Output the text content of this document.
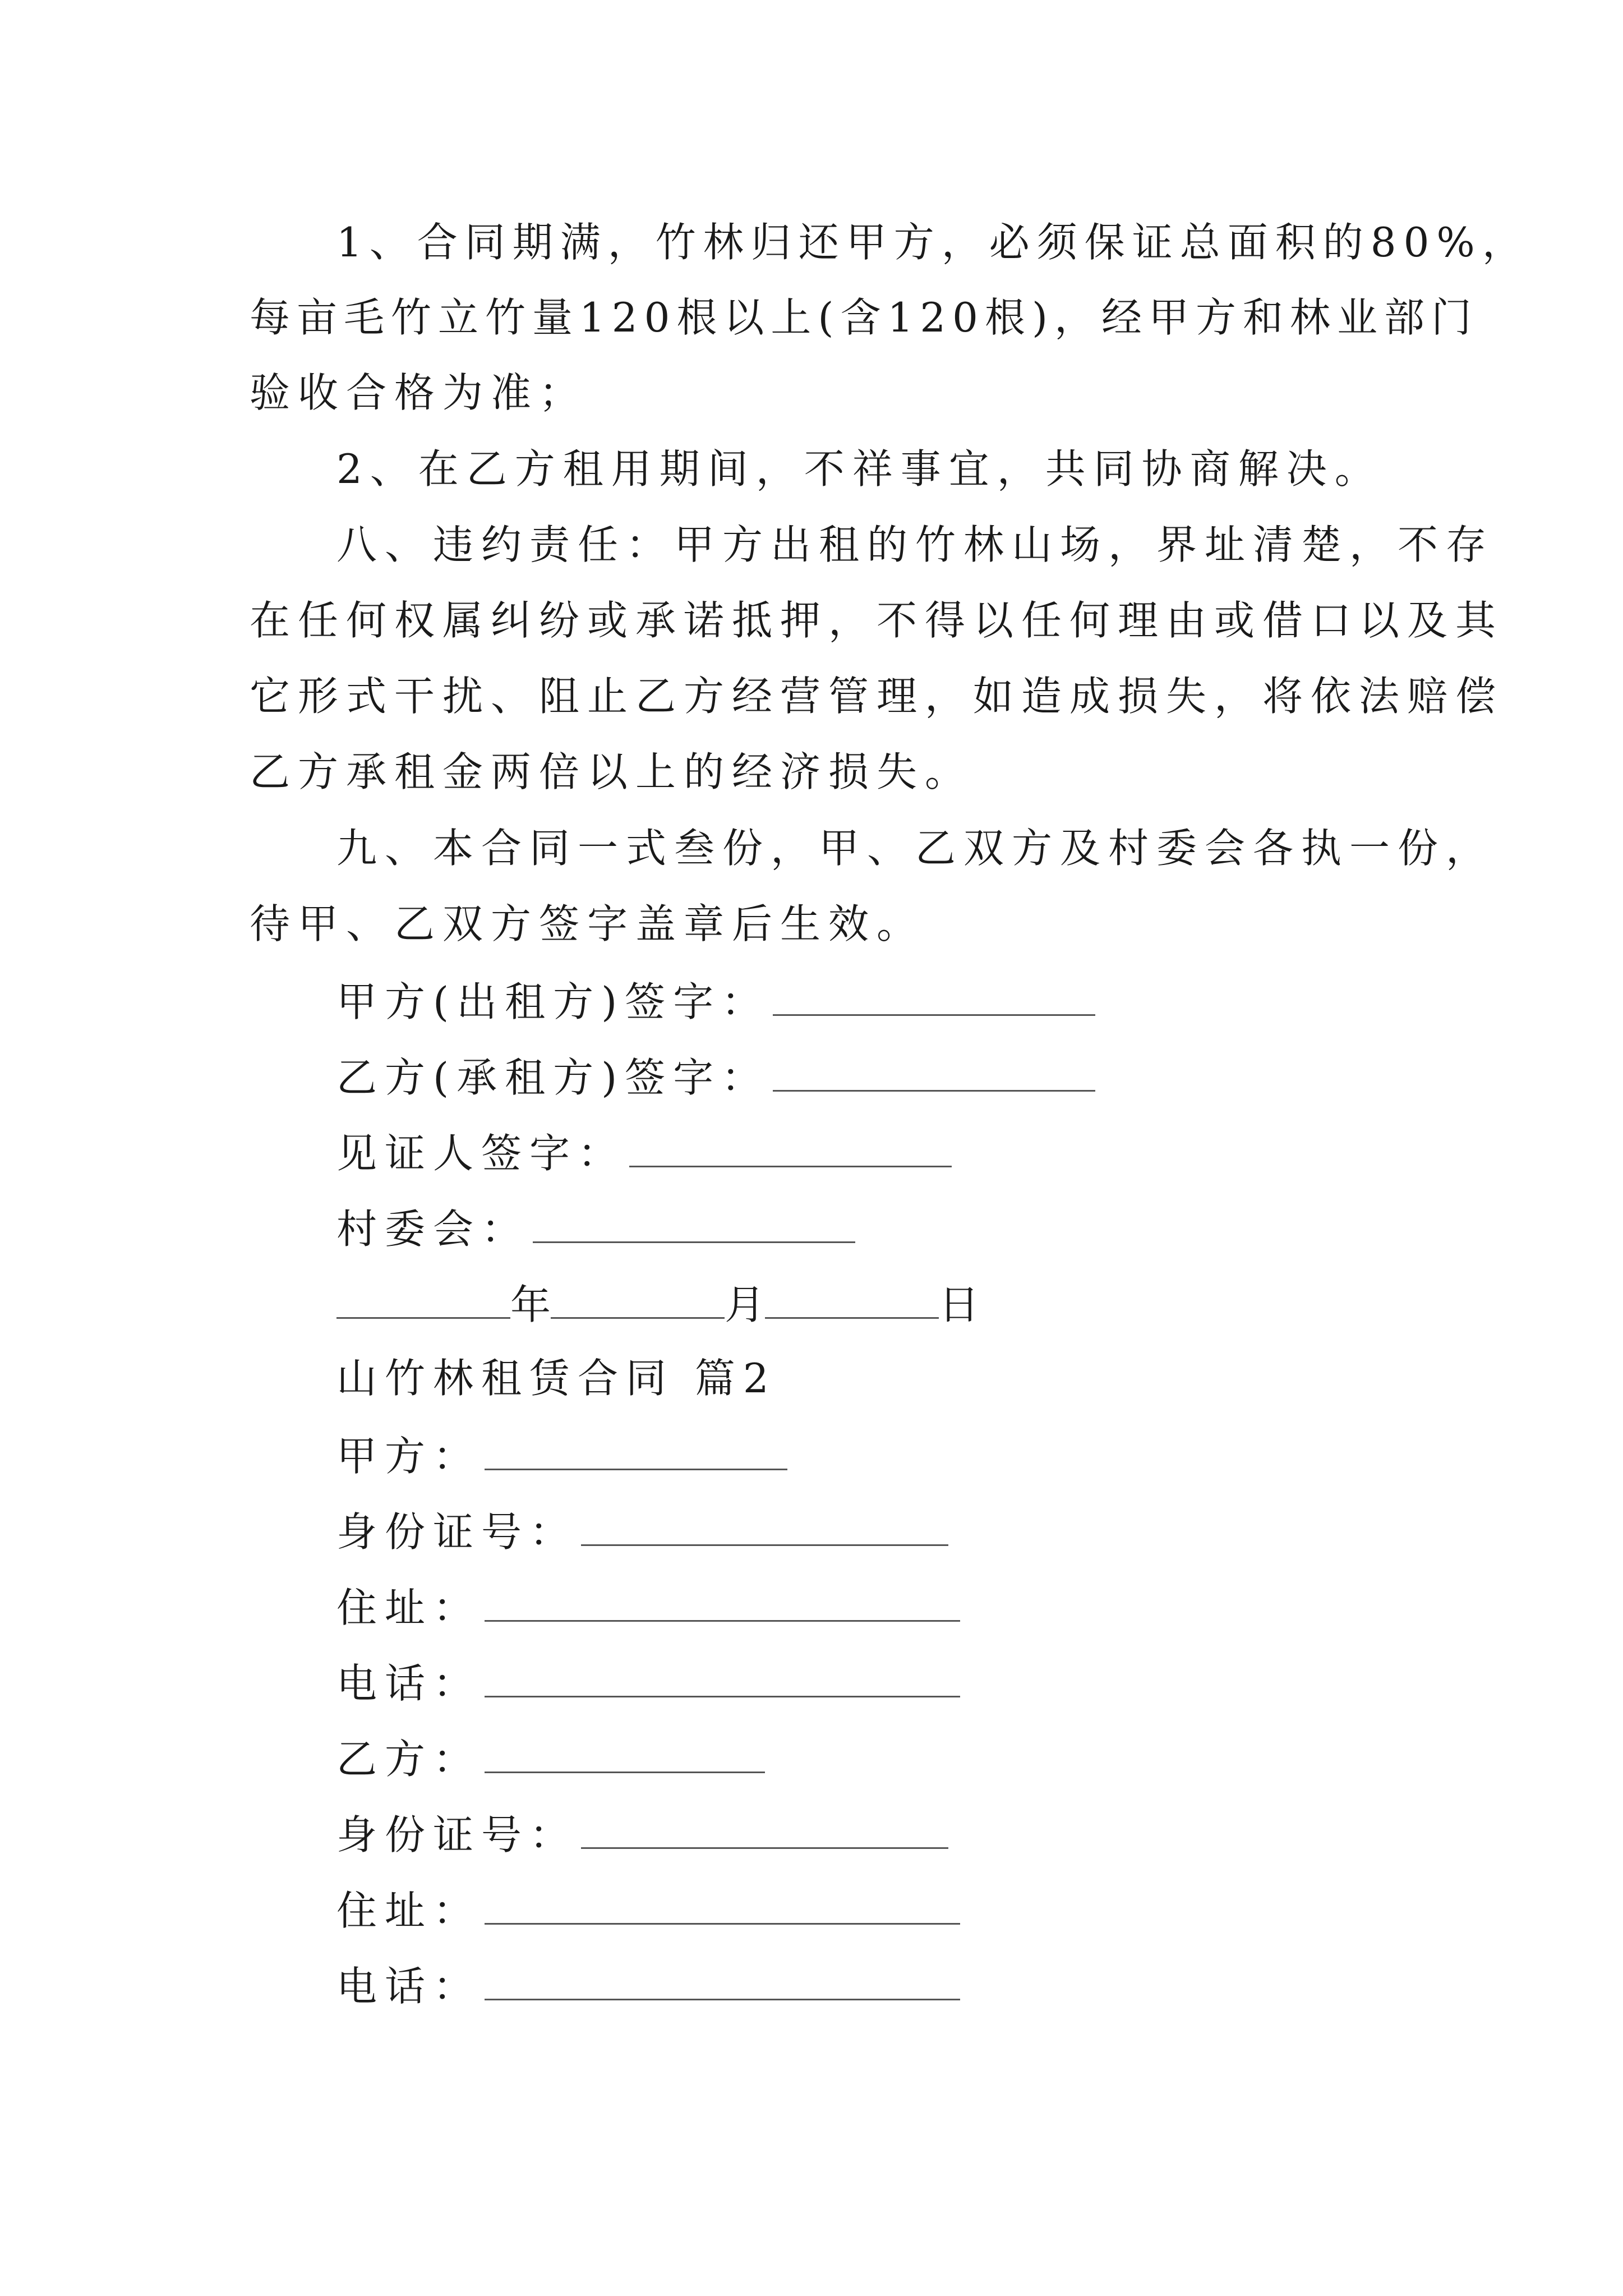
1、合同期满，竹林归还甲方，必须保证总面积的80%，
每亩毛竹立竹量120根以上(含120根)，经甲方和林业部门
验收合格为准；
2、在乙方租用期间，不祥事宜，共同协商解决。
八、违约责任：甲方出租的竹林山场，界址清楚，不存
在任何权属纠纷或承诺抵押，不得以任何理由或借口以及其
它形式干扰、阻止乙方经营管理，如造成损失，将依法赔偿
乙方承租金两倍以上的经济损失。
九、本合同一式叁份，甲、乙双方及村委会各执一份，
待甲、乙双方签字盖章后生效。
甲方(出租方)签字：
乙方(承租方)签字：
见证人签字：
村委会：
年	月	日
山竹林租赁合同 篇2
甲方：
身份证号：
住址：
电话：
乙方：
身份证号：
住址：
电话：
